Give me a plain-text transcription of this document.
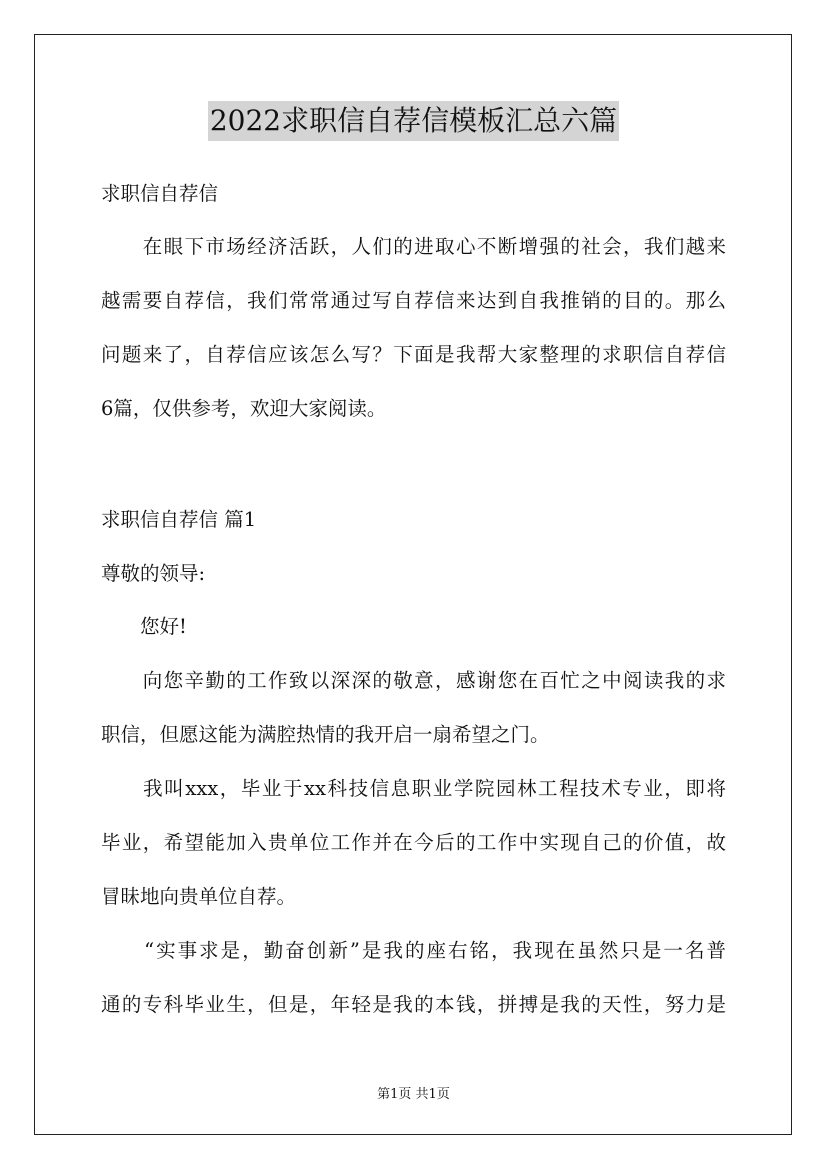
2022求职信自荐信模板汇总六篇
求职信自荐信
　　在眼下市场经济活跃，人们的进取心不断增强的社会，我们越来
越需要自荐信，我们常常通过写自荐信来达到自我推销的目的。那么
问题来了，自荐信应该怎么写？下面是我帮大家整理的求职信自荐信
6篇，仅供参考，欢迎大家阅读。
求职信自荐信 篇1
尊敬的领导:
　　您好!
　　向您辛勤的工作致以深深的敬意，感谢您在百忙之中阅读我的求
职信，但愿这能为满腔热情的我开启一扇希望之门。
　　我叫xxx，毕业于xx科技信息职业学院园林工程技术专业，即将
毕业，希望能加入贵单位工作并在今后的工作中实现自己的价值，故
冒昧地向贵单位自荐。
　　“实事求是，勤奋创新”是我的座右铭，我现在虽然只是一名普
通的专科毕业生，但是，年轻是我的本钱，拼搏是我的天性，努力是
第1页 共1页
